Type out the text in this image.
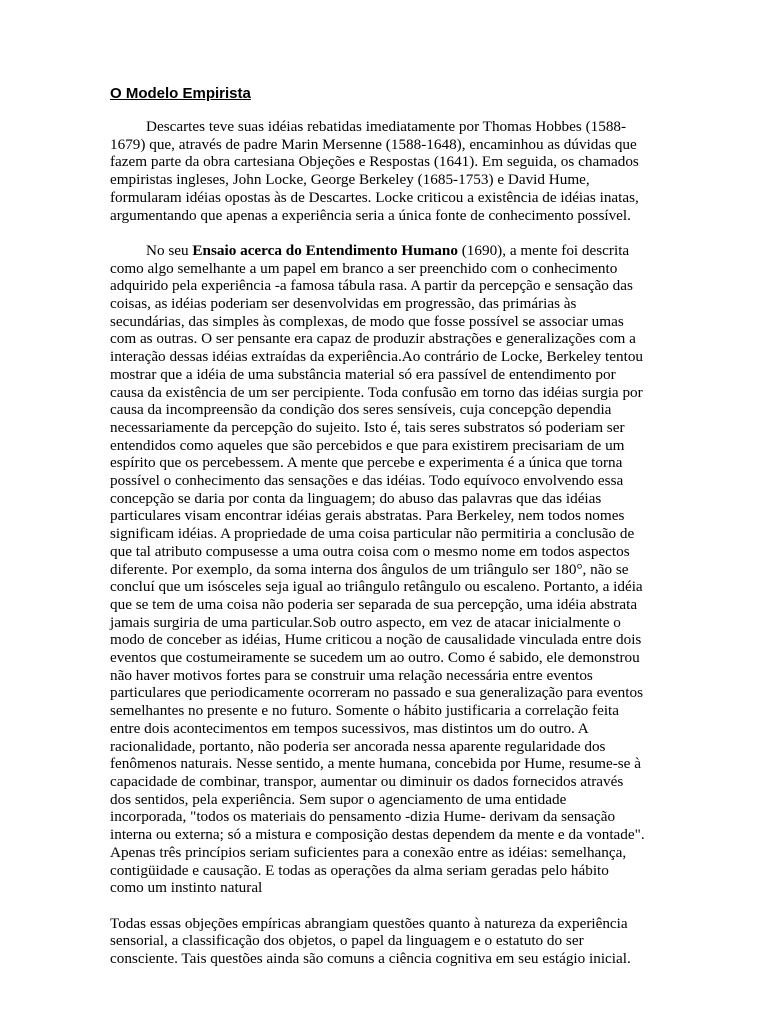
O Modelo Empirista

Descartes teve suas idéias rebatidas imediatamente por Thomas Hobbes (1588-1679) que, através de padre Marin Mersenne (1588-1648), encaminhou as dúvidas que fazem parte da obra cartesiana Objeções e Respostas (1641). Em seguida, os chamados empiristas ingleses, John Locke, George Berkeley (1685-1753) e David Hume, formularam idéias opostas às de Descartes. Locke criticou a existência de idéias inatas, argumentando que apenas a experiência seria a única fonte de conhecimento possível.

No seu Ensaio acerca do Entendimento Humano (1690), a mente foi descrita como algo semelhante a um papel em branco a ser preenchido com o conhecimento adquirido pela experiência -a famosa tábula rasa. A partir da percepção e sensação das coisas, as idéias poderiam ser desenvolvidas em progressão, das primárias às secundárias, das simples às complexas, de modo que fosse possível se associar umas com as outras. O ser pensante era capaz de produzir abstrações e generalizações com a interação dessas idéias extraídas da experiência.Ao contrário de Locke, Berkeley tentou mostrar que a idéia de uma substância material só era passível de entendimento por causa da existência de um ser percipiente. Toda confusão em torno das idéias surgia por causa da incompreensão da condição dos seres sensíveis, cuja concepção dependia necessariamente da percepção do sujeito. Isto é, tais seres substratos só poderiam ser entendidos como aqueles que são percebidos e que para existirem precisariam de um espírito que os percebessem. A mente que percebe e experimenta é a única que torna possível o conhecimento das sensações e das idéias. Todo equívoco envolvendo essa concepção se daria por conta da linguagem; do abuso das palavras que das idéias particulares visam encontrar idéias gerais abstratas. Para Berkeley, nem todos nomes significam idéias. A propriedade de uma coisa particular não permitiria a conclusão de que tal atributo compusesse a uma outra coisa com o mesmo nome em todos aspectos diferente. Por exemplo, da soma interna dos ângulos de um triângulo ser 180°, não se concluí que um isósceles seja igual ao triângulo retângulo ou escaleno. Portanto, a idéia que se tem de uma coisa não poderia ser separada de sua percepção, uma idéia abstrata jamais surgiria de uma particular.Sob outro aspecto, em vez de atacar inicialmente o modo de conceber as idéias, Hume criticou a noção de causalidade vinculada entre dois eventos que costumeiramente se sucedem um ao outro. Como é sabido, ele demonstrou não haver motivos fortes para se construir uma relação necessária entre eventos particulares que periodicamente ocorreram no passado e sua generalização para eventos semelhantes no presente e no futuro. Somente o hábito justificaria a correlação feita entre dois acontecimentos em tempos sucessivos, mas distintos um do outro. A racionalidade, portanto, não poderia ser ancorada nessa aparente regularidade dos fenômenos naturais. Nesse sentido, a mente humana, concebida por Hume, resume-se à capacidade de combinar, transpor, aumentar ou diminuir os dados fornecidos através dos sentidos, pela experiência. Sem supor o agenciamento de uma entidade incorporada, "todos os materiais do pensamento -dizia Hume- derivam da sensação interna ou externa; só a mistura e composição destas dependem da mente e da vontade". Apenas três princípios seriam suficientes para a conexão entre as idéias: semelhança, contigüidade e causação. E todas as operações da alma seriam geradas pelo hábito como um instinto natural

Todas essas objeções empíricas abrangiam questões quanto à natureza da experiência sensorial, a classificação dos objetos, o papel da linguagem e o estatuto do ser consciente. Tais questões ainda são comuns a ciência cognitiva em seu estágio inicial.
